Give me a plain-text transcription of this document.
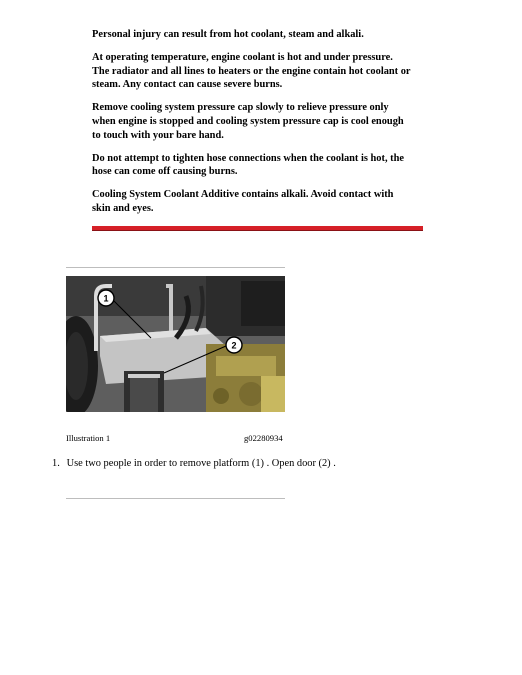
Personal injury can result from hot coolant, steam and alkali.

At operating temperature, engine coolant is hot and under pressure.
The radiator and all lines to heaters or the engine contain hot coolant or
steam. Any contact can cause severe burns.

Remove cooling system pressure cap slowly to relieve pressure only
when engine is stopped and cooling system pressure cap is cool enough
to touch with your bare hand.

Do not attempt to tighten hose connections when the coolant is hot, the
hose can come off causing burns.

Cooling System Coolant Additive contains alkali. Avoid contact with
skin and eyes.

1
2
Illustration 1	g02280934
1. Use two people in order to remove platform (1) . Open door (2) .
